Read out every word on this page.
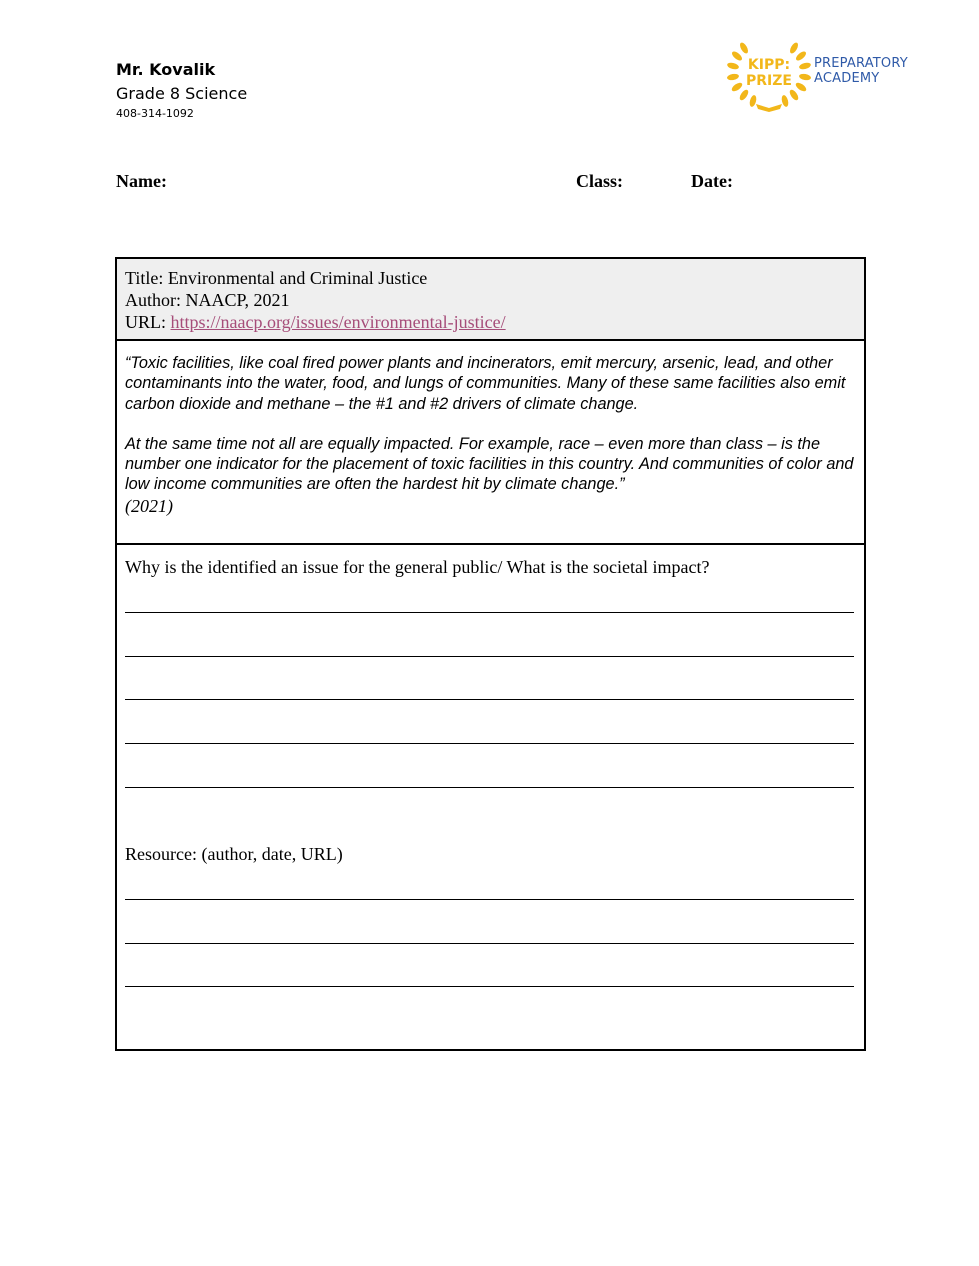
Mr. Kovalik
Grade 8 Science
408-314-1092
KIPP:
PRIZE
PREPARATORY
ACADEMY
Name:	Class:	Date:
Title: Environmental and Criminal Justice
Author: NAACP, 2021
URL: https://naacp.org/issues/environmental-justice/

“Toxic facilities, like coal fired power plants and incinerators, emit mercury, arsenic, lead, and other contaminants into the water, food, and lungs of communities. Many of these same facilities also emit carbon dioxide and methane – the #1 and #2 drivers of climate change.

At the same time not all are equally impacted. For example, race – even more than class – is the number one indicator for the placement of toxic facilities in this country. And communities of color and low income communities are often the hardest hit by climate change.”

(2021)

Why is the identified an issue for the general public/ What is the societal impact?
Resource: (author, date, URL)
